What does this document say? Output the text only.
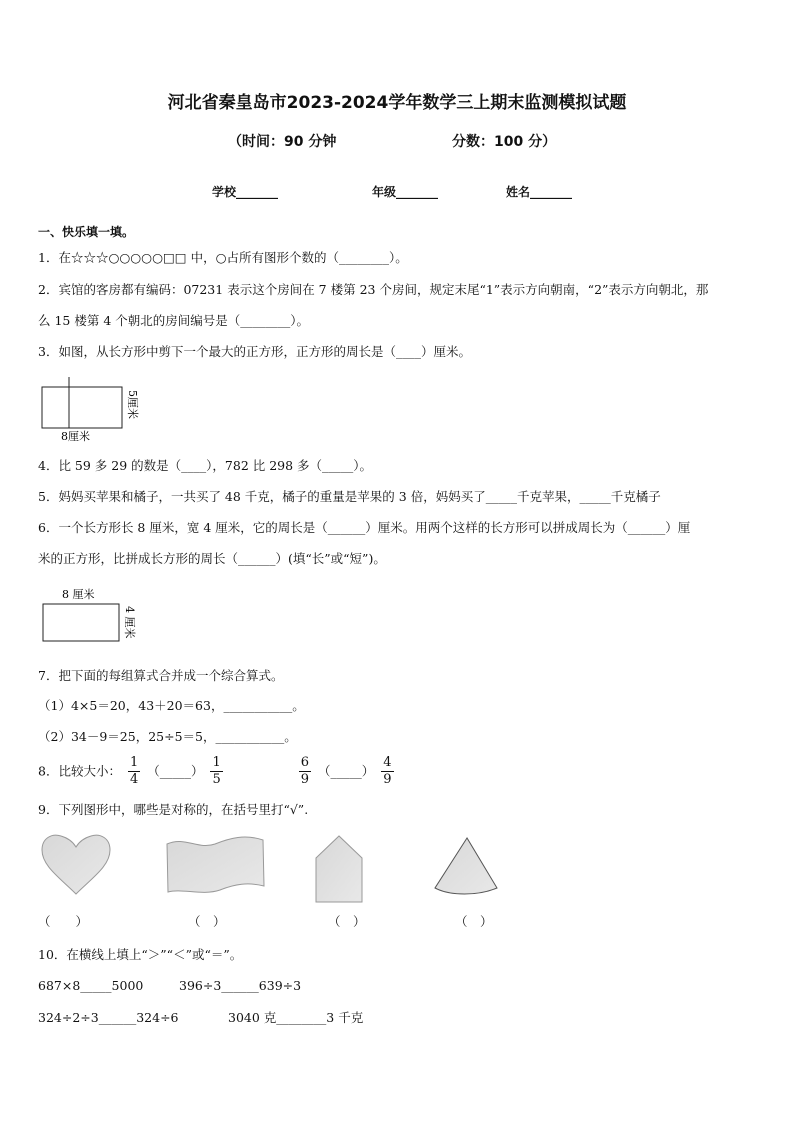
河北省秦皇岛市2023-2024学年数学三上期末监测模拟试题
（时间：90 分钟	分数：100 分）
学校_______	年级_______	姓名_______
一、快乐填一填。
1．在☆☆☆○○○○○□□ 中，○占所有图形个数的（________）。
2．宾馆的客房都有编码：07231 表示这个房间在 7 楼第 23 个房间，规定末尾“1”表示方向朝南，“2”表示方向朝北，那
么 15 楼第 4 个朝北的房间编号是（________）。
3．如图，从长方形中剪下一个最大的正方形，正方形的周长是（____）厘米。
5厘米
8厘米
4．比 59 多 29 的数是（____），782 比 298 多（_____）。
5．妈妈买苹果和橘子，一共买了 48 千克，橘子的重量是苹果的 3 倍，妈妈买了_____千克苹果，_____千克橘子
6．一个长方形长 8 厘米，宽 4 厘米，它的周长是（______）厘米。用两个这样的长方形可以拼成周长为（______）厘
米的正方形，比拼成长方形的周长（______）(填“长”或“短”)。
8 厘米
4 厘米
7．把下面的每组算式合并成一个综合算式。
（1）4×5＝20，43＋20＝63，___________。
（2）34－9＝25，25÷5＝5，___________。
8．比较大小： $\frac{1}{4}$ （_____） $\frac{1}{5}$
	$\frac{6}{9}$ （_____） $\frac{4}{9}$
9．下列图形中，哪些是对称的，在括号里打“√”.
（　　）	（　）	（　）	（　）
10．在横线上填上“＞”“＜”或“＝”。
687×8_____5000	396÷3______639÷3
324÷2÷3______324÷6	3040 克________3 千克
